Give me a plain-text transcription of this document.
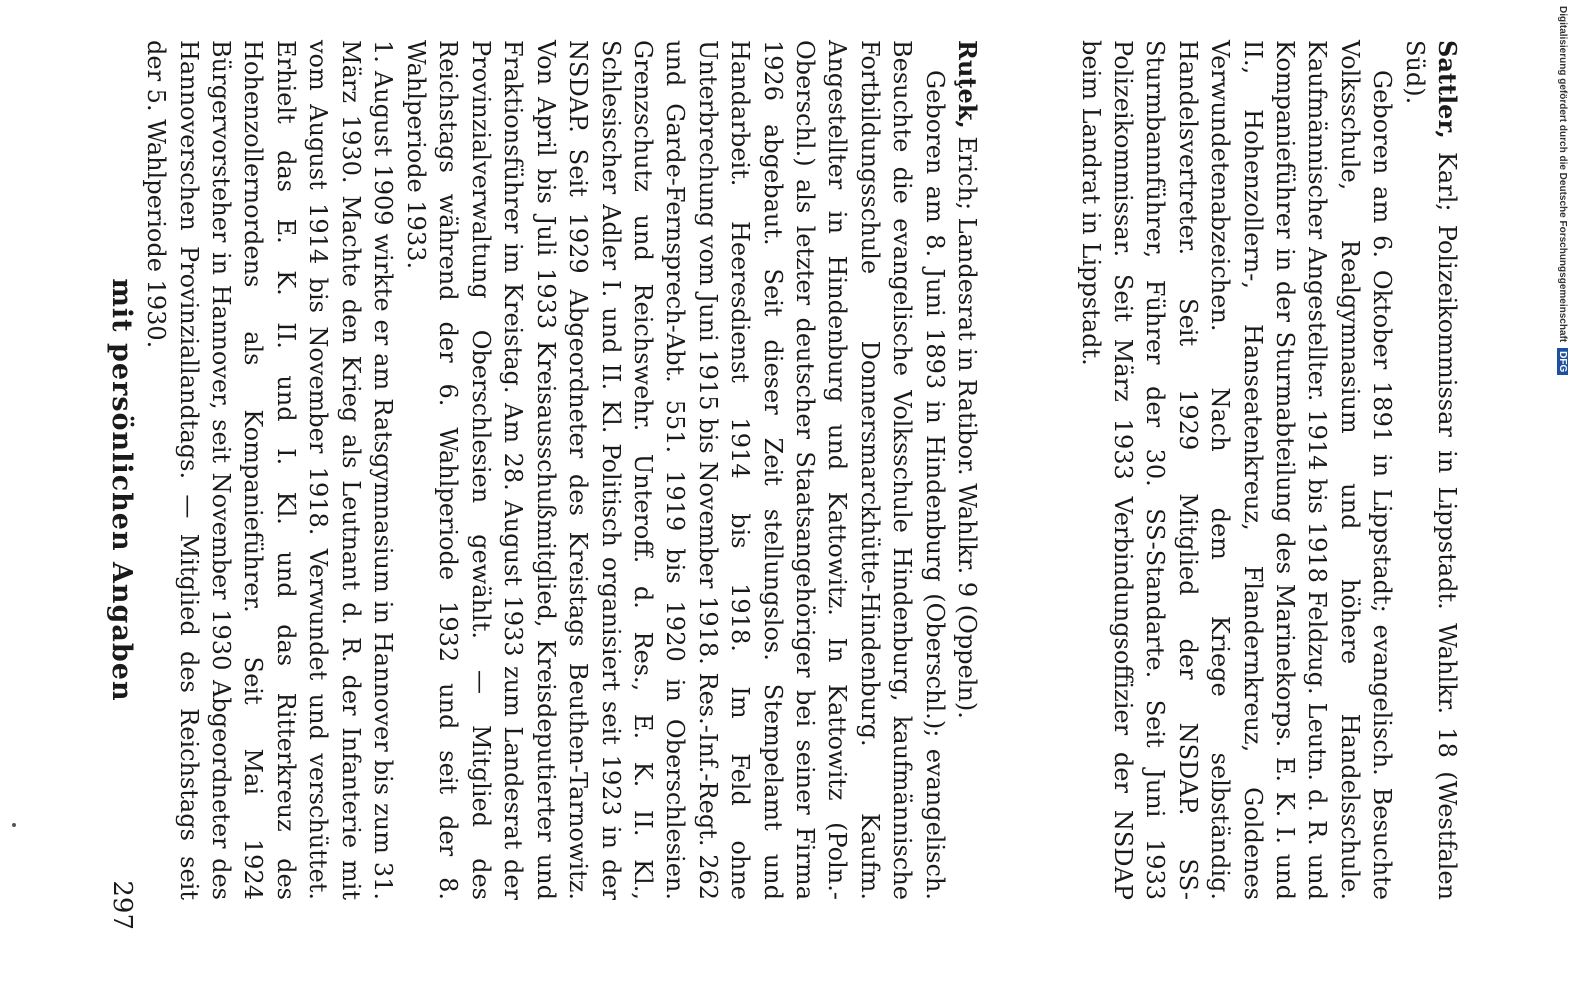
mit persönlichen Angaben
297

1. August 1909 wirkte er am Ratsgymnasium in Hannover bis zum 31. März 1930. Machte den Krieg als Leutnant d. R. der Infanterie mit vom August 1914 bis November 1918. Verwundet und verschüttet. Erhielt das E. K. II. und I. Kl. und das Ritterkreuz des Hohenzollernordens als Kompanieführer. Seit Mai 1924 Bürgervorsteher in Hannover, seit November 1930 Abgeordneter des Hannoverschen Provinziallandtags. — Mitglied des Reichstags seit der 5. Wahlperiode 1930.	Ruţek, Erich; Landesrat in Ratibor. Wahlkr. 9 (Oppeln).

Geboren am 8. Juni 1893 in Hindenburg (Oberschl.); evangelisch. Besuchte die evangelische Volksschule Hindenburg, kaufmännische Fortbildungsschule Donnersmarckhütte-Hindenburg. Kaufm. Angestellter in Hindenburg und Kattowitz. In Kattowitz (Poln.-Oberschl.) als letzter deutscher Staatsangehöriger bei seiner Firma 1926 abgebaut. Seit dieser Zeit stellungslos. Stempelamt und Handarbeit. Heeresdienst 1914 bis 1918. Im Feld ohne Unterbrechung vom Juni 1915 bis November 1918. Res.-Inf.-Regt. 262 und Garde-Fernsprech-Abt. 551. 1919 bis 1920 in Oberschlesien. Grenzschutz und Reichswehr. Unteroff. d. Res., E. K. II. Kl., Schlesischer Adler I. und II. Kl. Politisch organisiert seit 1923 in der NSDAP. Seit 1929 Abgeordneter des Kreistags Beuthen-Tarnowitz. Von April bis Juli 1933 Kreisausschußmitglied, Kreisdeputierter und Fraktionsführer im Kreistag. Am 28. August 1933 zum Landesrat der Provinzialverwaltung Oberschlesien gewählt. — Mitglied des Reichstags während der 6. Wahlperiode 1932 und seit der 8. Wahlperiode 1933.	Sattler, Karl; Polizeikommissar in Lippstadt. Wahlkr. 18 (Westfalen Süd).

Geboren am 6. Oktober 1891 in Lippstadt; evangelisch. Besuchte Volksschule, Realgymnasium und höhere Handelsschule. Kaufmännischer Angestellter. 1914 bis 1918 Feldzug. Leutn. d. R. und Kompanieführer in der Sturmabteilung des Marinekorps. E. K. I. und II., Hohenzollern-, Hanseatenkreuz, Flandernkreuz, Goldenes Verwundetenabzeichen. Nach dem Kriege selbständig. Handelsvertreter. Seit 1929 Mitglied der NSDAP. SS-Sturmbannführer, Führer der 30. SS-Standarte. Seit Juni 1933 Polizeikommissar. Seit März 1933 Verbindungsoffizier der NSDAP beim Landrat in Lippstadt.	Digitalisierung gefördert durch die Deutsche ForschungsgemeinschaftDFG
